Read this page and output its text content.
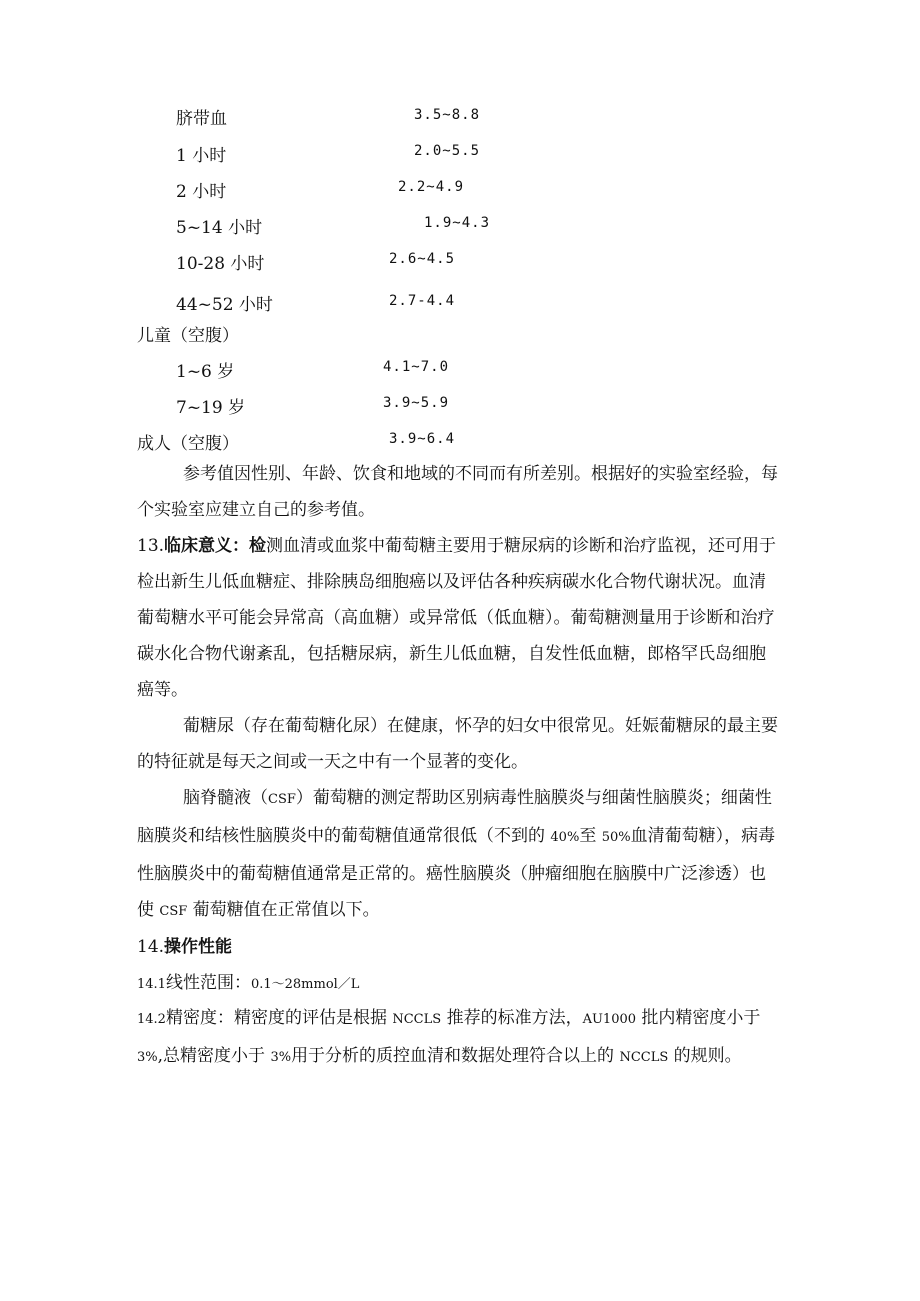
脐带血	3.5~8.8
1 小时	2.0~5.5
2 小时	2.2~4.9
5~14 小时	1.9~4.3
10-28 小时	2.6~4.5
44~52 小时	2.7-4.4
儿童（空腹）
1~6 岁	4.1~7.0
7~19 岁	3.9~5.9
成人（空腹）	3.9~6.4
参考值因性别、年龄、饮食和地域的不同而有所差别。根据好的实验室经验，每个实验室应建立自己的参考值。
13.临床意义：检测血清或血浆中葡萄糖主要用于糖尿病的诊断和治疗监视，还可用于检出新生儿低血糖症、排除胰岛细胞癌以及评估各种疾病碳水化合物代谢状况。血清葡萄糖水平可能会异常高（高血糖）或异常低（低血糖）。葡萄糖测量用于诊断和治疗碳水化合物代谢紊乱，包括糖尿病，新生儿低血糖，自发性低血糖，郎格罕氏岛细胞癌等。
葡糖尿（存在葡萄糖化尿）在健康，怀孕的妇女中很常见。妊娠葡糖尿的最主要的特征就是每天之间或一天之中有一个显著的变化。
脑脊髓液（CSF）葡萄糖的测定帮助区别病毒性脑膜炎与细菌性脑膜炎；细菌性脑膜炎和结核性脑膜炎中的葡萄糖值通常很低（不到的 40%至 50%血清葡萄糖），病毒性脑膜炎中的葡萄糖值通常是正常的。癌性脑膜炎（肿瘤细胞在脑膜中广泛渗透）也使 CSF 葡萄糖值在正常值以下。
14.操作性能
14.1线性范围：0.1～28mmol／L
14.2精密度：精密度的评估是根据 NCCLS 推荐的标准方法，AU1000 批内精密度小于 3%,总精密度小于 3%用于分析的质控血清和数据处理符合以上的 NCCLS 的规则。
